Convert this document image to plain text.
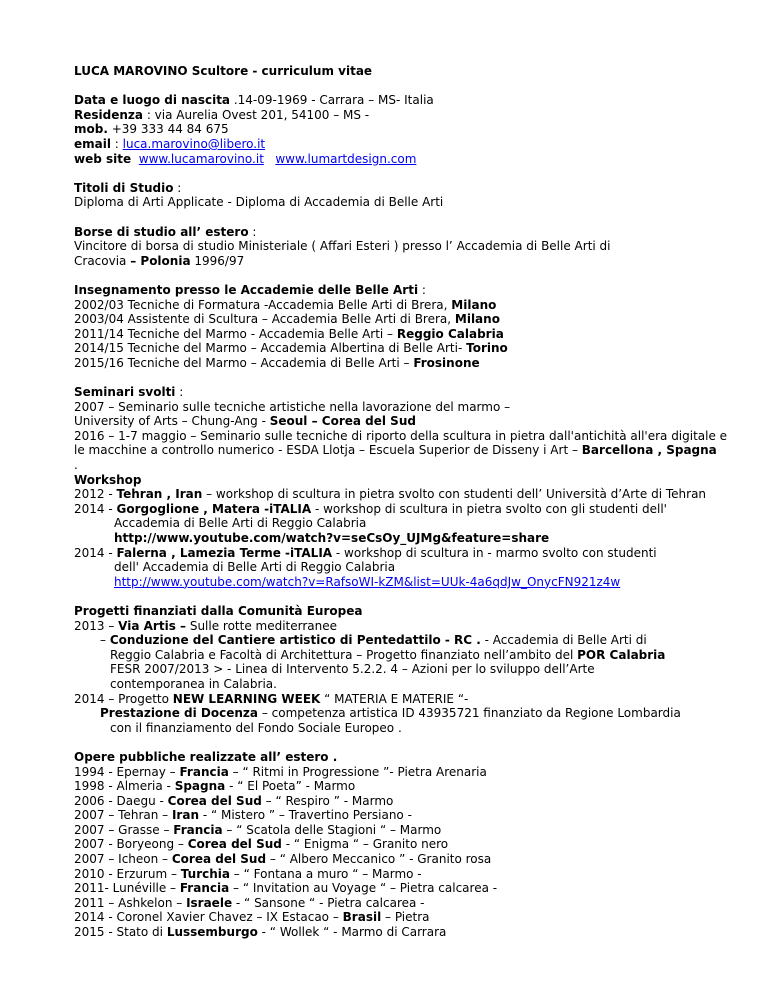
LUCA MAROVINO Scultore - curriculum vitae
Data e luogo di nascita .14-09-1969 - Carrara – MS- Italia
Residenza : via Aurelia Ovest 201, 54100 – MS -
mob. +39 333 44 84 675
email : luca.marovino@libero.it
web site www.lucamarovino.it www.lumartdesign.com
Titoli di Studio :
Diploma di Arti Applicate - Diploma di Accademia di Belle Arti
Borse di studio all’ estero :
Vincitore di borsa di studio Ministeriale ( Affari Esteri ) presso l’ Accademia di Belle Arti di
Cracovia – Polonia 1996/97
Insegnamento presso le Accademie delle Belle Arti :
2002/03 Tecniche di Formatura -Accademia Belle Arti di Brera, Milano
2003/04 Assistente di Scultura – Accademia Belle Arti di Brera, Milano
2011/14 Tecniche del Marmo - Accademia Belle Arti – Reggio Calabria
2014/15 Tecniche del Marmo – Accademia Albertina di Belle Arti- Torino
2015/16 Tecniche del Marmo – Accademia di Belle Arti – Frosinone
Seminari svolti :
2007 – Seminario sulle tecniche artistiche nella lavorazione del marmo –
University of Arts – Chung-Ang - Seoul – Corea del Sud
2016 – 1-7 maggio – Seminario sulle tecniche di riporto della scultura in pietra dall'antichità all'era digitale e
le macchine a controllo numerico - ESDA Llotja – Escuela Superior de Disseny i Art – Barcellona , Spagna
.
Workshop
2012 - Tehran , Iran – workshop di scultura in pietra svolto con studenti dell’ Università d’Arte di Tehran
2014 - Gorgoglione , Matera -iTALIA - workshop di scultura in pietra svolto con gli studenti dell'
Accademia di Belle Arti di Reggio Calabria
http://www.youtube.com/watch?v=seCsOy_UJMg&feature=share
2014 - Falerna , Lamezia Terme -iTALIA - workshop di scultura in - marmo svolto con studenti
dell' Accademia di Belle Arti di Reggio Calabria
http://www.youtube.com/watch?v=RafsoWI-kZM&list=UUk-4a6qdJw_OnycFN921z4w
Progetti finanziati dalla Comunità Europea
2013 – Via Artis – Sulle rotte mediterranee
– Conduzione del Cantiere artistico di Pentedattilo - RC . - Accademia di Belle Arti di
Reggio Calabria e Facoltà di Architettura – Progetto finanziato nell’ambito del POR Calabria
FESR 2007/2013 > - Linea di Intervento 5.2.2. 4 – Azioni per lo sviluppo dell’Arte
contemporanea in Calabria.
2014 – Progetto NEW LEARNING WEEK “ MATERIA E MATERIE “-
Prestazione di Docenza – competenza artistica ID 43935721 finanziato da Regione Lombardia
con il finanziamento del Fondo Sociale Europeo .
Opere pubbliche realizzate all’ estero .
1994 - Epernay – Francia – “ Ritmi in Progressione ”- Pietra Arenaria
1998 - Almeria - Spagna - “ El Poeta” - Marmo
2006 - Daegu - Corea del Sud – “ Respiro ” - Marmo
2007 – Tehran – Iran - “ Mistero ” – Travertino Persiano -
2007 – Grasse – Francia – “ Scatola delle Stagioni “ – Marmo
2007 - Boryeong – Corea del Sud - “ Enigma “ – Granito nero
2007 – Icheon – Corea del Sud – “ Albero Meccanico ” - Granito rosa
2010 - Erzurum – Turchia – “ Fontana a muro “ – Marmo -
2011- Lunéville – Francia – “ Invitation au Voyage “ – Pietra calcarea -
2011 – Ashkelon – Israele - “ Sansone “ - Pietra calcarea -
2014 - Coronel Xavier Chavez – IX Estacao – Brasil – Pietra
2015 - Stato di Lussemburgo - “ Wollek “ - Marmo di Carrara
